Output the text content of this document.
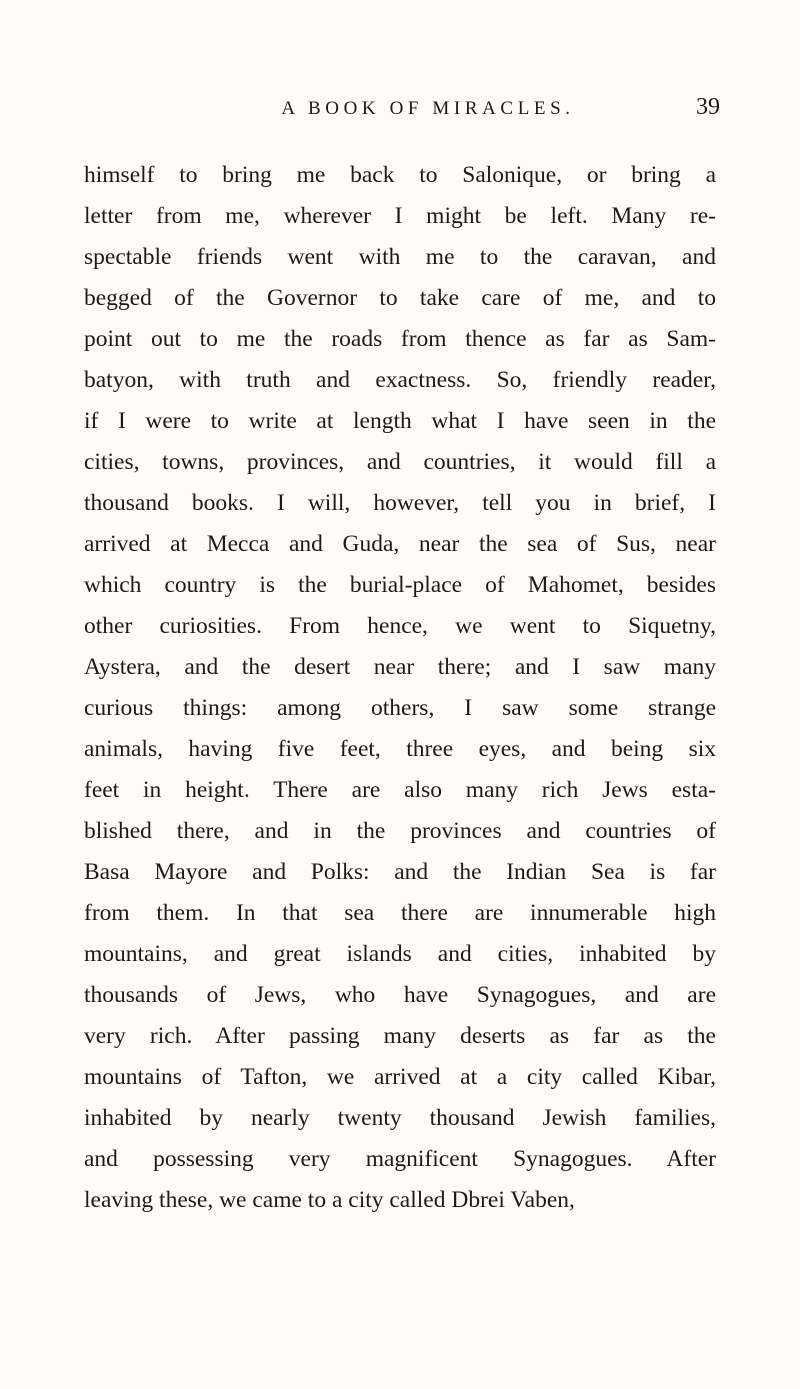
A BOOK OF MIRACLES.	39
himself to bring me back to Salonique, or bring a
letter from me, wherever I might be left. Many re-
spectable friends went with me to the caravan, and
begged of the Governor to take care of me, and to
point out to me the roads from thence as far as Sam-
batyon, with truth and exactness. So, friendly reader,
if I were to write at length what I have seen in the
cities, towns, provinces, and countries, it would fill a
thousand books. I will, however, tell you in brief, I
arrived at Mecca and Guda, near the sea of Sus, near
which country is the burial-place of Mahomet, besides
other curiosities. From hence, we went to Siquetny,
Aystera, and the desert near there; and I saw many
curious things: among others, I saw some strange
animals, having five feet, three eyes, and being six
feet in height. There are also many rich Jews esta-
blished there, and in the provinces and countries of
Basa Mayore and Polks: and the Indian Sea is far
from them. In that sea there are innumerable high
mountains, and great islands and cities, inhabited by
thousands of Jews, who have Synagogues, and are
very rich. After passing many deserts as far as the
mountains of Tafton, we arrived at a city called Kibar,
inhabited by nearly twenty thousand Jewish families,
and possessing very magnificent Synagogues. After
leaving these, we came to a city called Dbrei Vaben,
